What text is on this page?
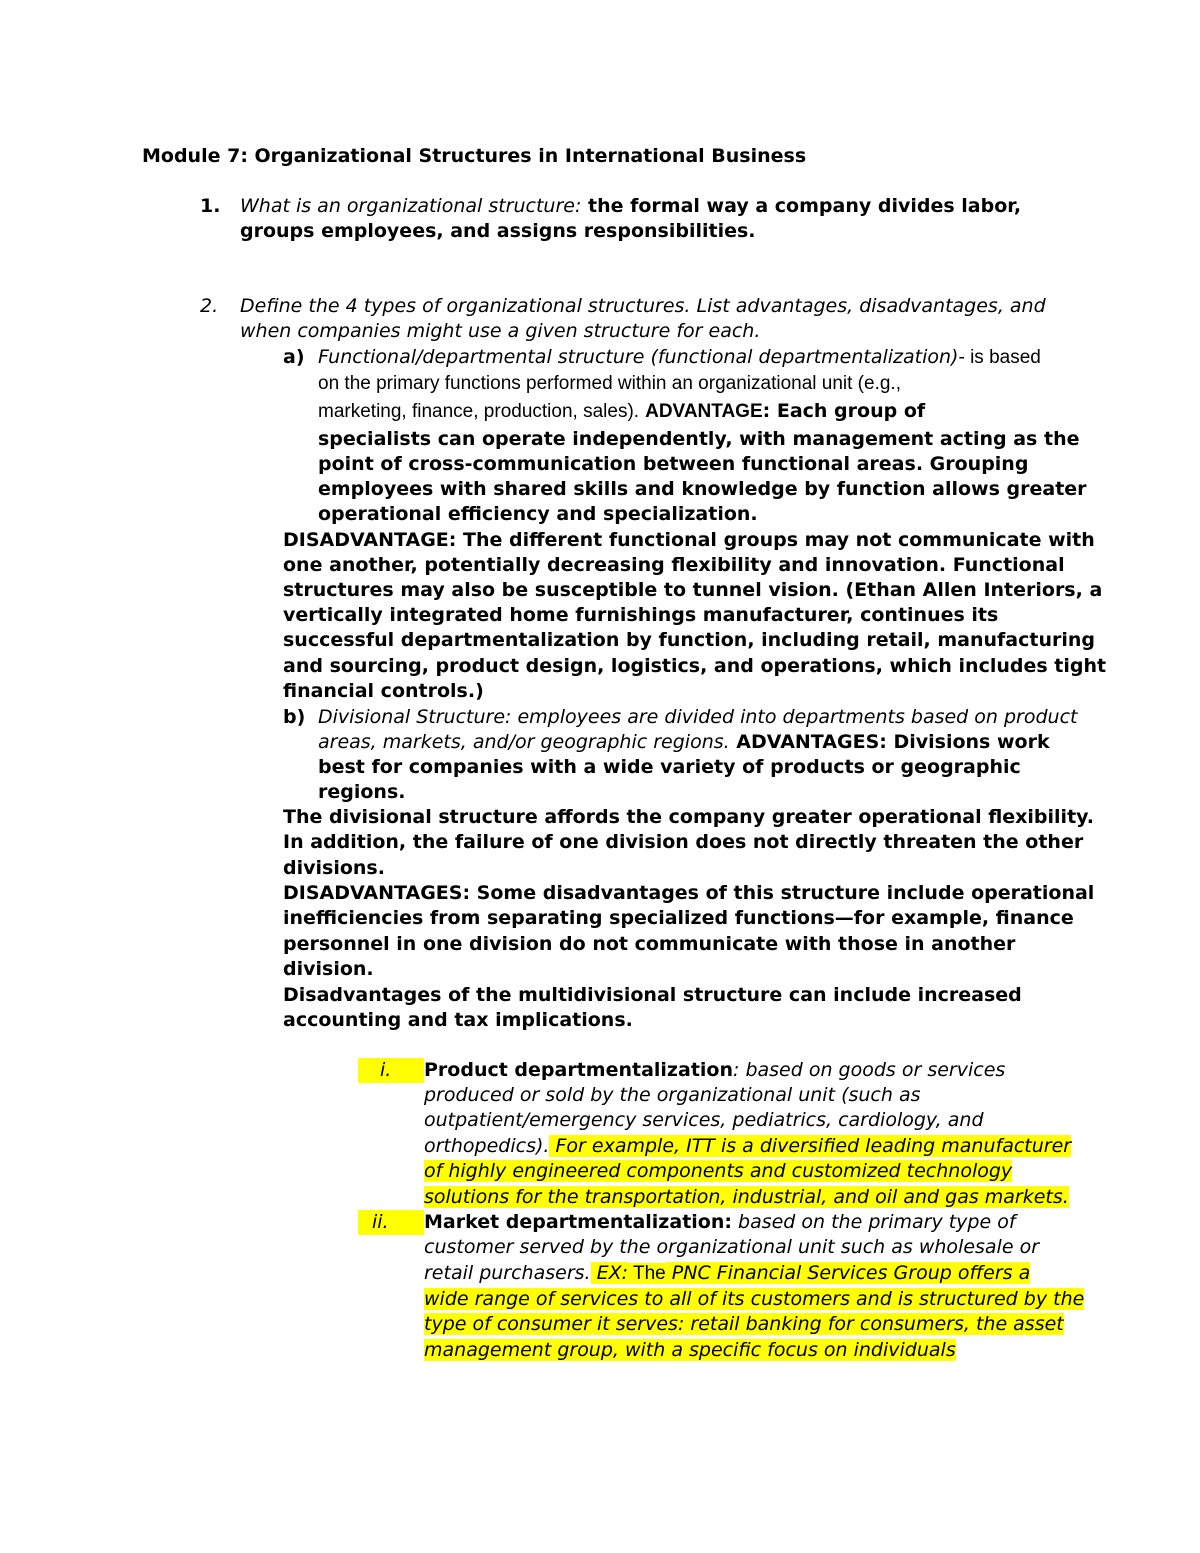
Module 7: Organizational Structures in International Business
1. What is an organizational structure: the formal way a company divides labor,
groups employees, and assigns responsibilities.
2. Define the 4 types of organizational structures. List advantages, disadvantages, and
when companies might use a given structure for each.
a) Functional/departmental structure (functional departmentalization)- is based
on the primary functions performed within an organizational unit (e.g.,
marketing, finance, production, sales). ADVANTAGE: Each group of
specialists can operate independently, with management acting as the
point of cross-communication between functional areas. Grouping
employees with shared skills and knowledge by function allows greater
operational efficiency and specialization.
DISADVANTAGE: The different functional groups may not communicate with
one another, potentially decreasing flexibility and innovation. Functional
structures may also be susceptible to tunnel vision. (Ethan Allen Interiors, a
vertically integrated home furnishings manufacturer, continues its
successful departmentalization by function, including retail, manufacturing
and sourcing, product design, logistics, and operations, which includes tight
financial controls.)
b) Divisional Structure: employees are divided into departments based on product
areas, markets, and/or geographic regions. ADVANTAGES: Divisions work
best for companies with a wide variety of products or geographic
regions.
The divisional structure affords the company greater operational flexibility.
In addition, the failure of one division does not directly threaten the other
divisions.
DISADVANTAGES: Some disadvantages of this structure include operational
inefficiencies from separating specialized functions—for example, finance
personnel in one division do not communicate with those in another
division.
Disadvantages of the multidivisional structure can include increased
accounting and tax implications.
i.	Product departmentalization: based on goods or services
produced or sold by the organizational unit (such as
outpatient/emergency services, pediatrics, cardiology, and
orthopedics). For example, ITT is a diversified leading manufacturer
of highly engineered components and customized technology
solutions for the transportation, industrial, and oil and gas markets.
ii.	Market departmentalization: based on the primary type of
customer served by the organizational unit such as wholesale or
retail purchasers. EX: The PNC Financial Services Group offers a
wide range of services to all of its customers and is structured by the
type of consumer it serves: retail banking for consumers, the asset
management group, with a specific focus on individuals
